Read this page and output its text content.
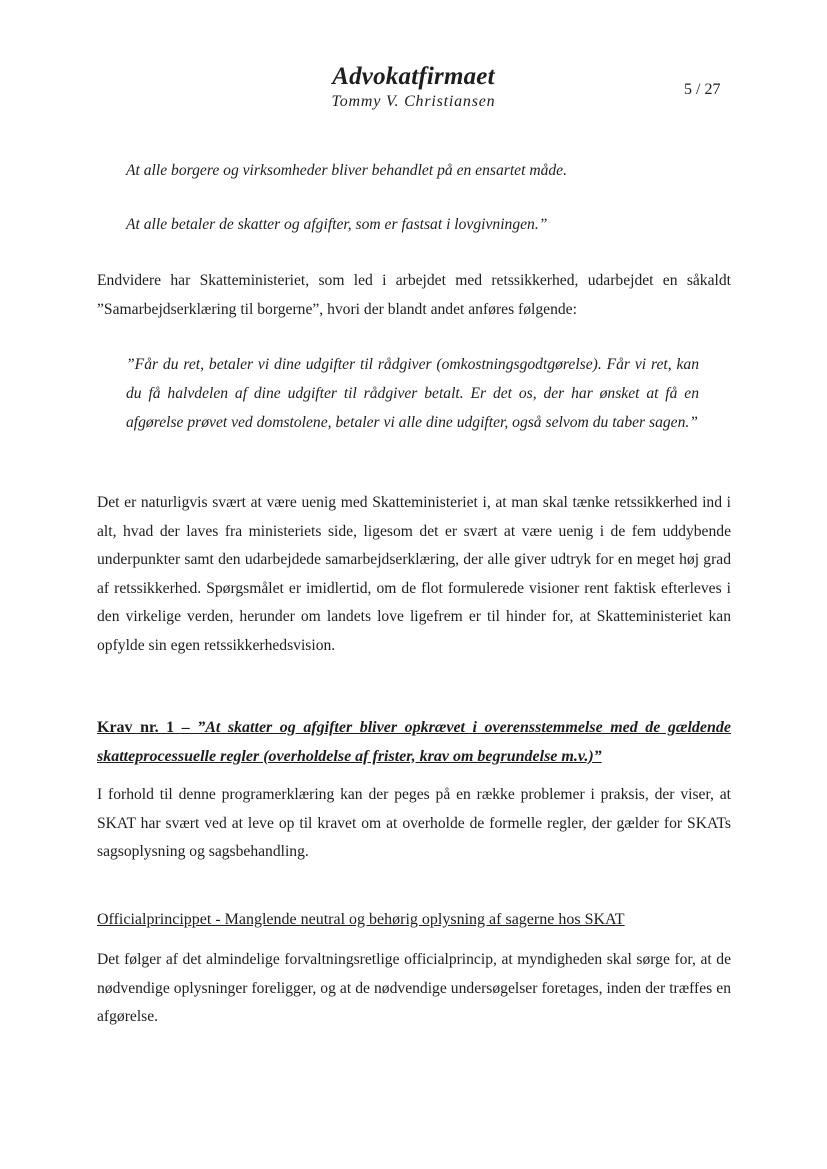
Advokatfirmaet
Tommy V. Christiansen
5 / 27

At alle borgere og virksomheder bliver behandlet på en ensartet måde.

At alle betaler de skatter og afgifter, som er fastsat i lovgivningen.”

Endvidere har Skatteministeriet, som led i arbejdet med retssikkerhed, udarbejdet en såkaldt ”Samarbejdserklæring til borgerne”, hvori der blandt andet anføres følgende:

”Får du ret, betaler vi dine udgifter til rådgiver (omkostningsgodtgørelse). Får vi ret, kan du få halvdelen af dine udgifter til rådgiver betalt. Er det os, der har ønsket at få en afgørelse prøvet ved domstolene, betaler vi alle dine udgifter, også selvom du taber sagen.”

Det er naturligvis svært at være uenig med Skatteministeriet i, at man skal tænke retssikkerhed ind i alt, hvad der laves fra ministeriets side, ligesom det er svært at være uenig i de fem uddybende underpunkter samt den udarbejdede samarbejdserklæring, der alle giver udtryk for en meget høj grad af retssikkerhed. Spørgsmålet er imidlertid, om de flot formulerede visioner rent faktisk efterleves i den virkelige verden, herunder om landets love ligefrem er til hinder for, at Skatteministeriet kan opfylde sin egen retssikkerhedsvision.

Krav nr. 1 – ”At skatter og afgifter bliver opkrævet i overensstemmelse med de gældende skatteprocessuelle regler (overholdelse af frister, krav om begrundelse m.v.)”

I forhold til denne programerklæring kan der peges på en række problemer i praksis, der viser, at SKAT har svært ved at leve op til kravet om at overholde de formelle regler, der gælder for SKATs sagsoplysning og sagsbehandling.

Officialprincippet - Manglende neutral og behørig oplysning af sagerne hos SKAT

Det følger af det almindelige forvaltningsretlige officialprincip, at myndigheden skal sørge for, at de nødvendige oplysninger foreligger, og at de nødvendige undersøgelser foretages, inden der træffes en afgørelse.
